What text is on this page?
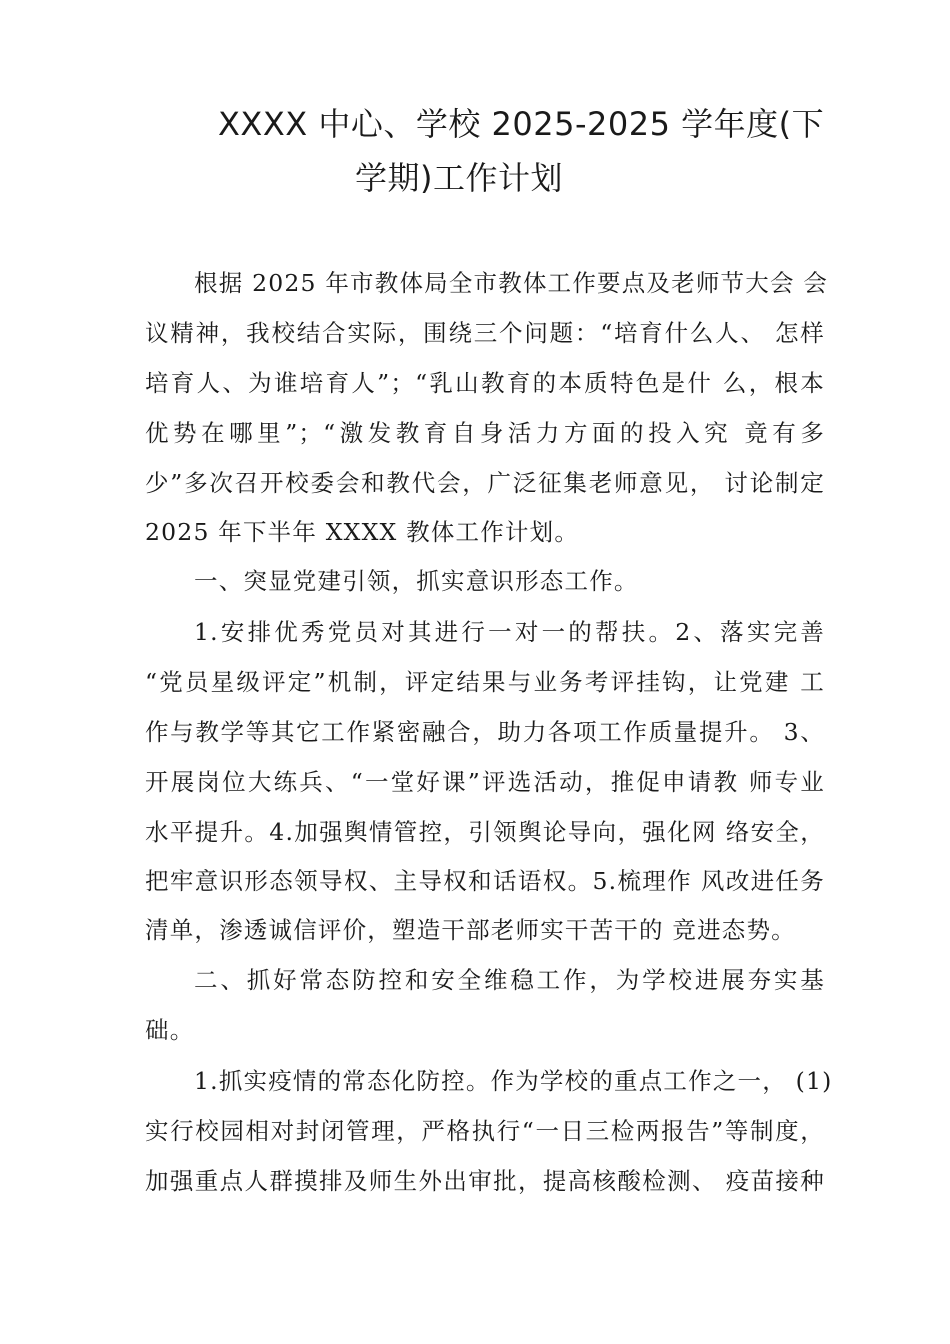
XXXX 中心、学校 2025-2025 学年度(下
学期)工作计划
根据 2025 年市教体局全市教体工作要点及老师节大会 会
议精神，我校结合实际，围绕三个问题：“培育什么人、 怎样
培育人、为谁培育人”；“乳山教育的本质特色是什 么，根本
优势在哪里”；“激发教育自身活力方面的投入究 竟有多
少”多次召开校委会和教代会，广泛征集老师意见， 讨论制定
2025 年下半年 XXXX 教体工作计划。
一、突显党建引领，抓实意识形态工作。
1.安排优秀党员对其进行一对一的帮扶。2、落实完善
“党员星级评定”机制，评定结果与业务考评挂钩，让党建 工
作与教学等其它工作紧密融合，助力各项工作质量提升。 3、
开展岗位大练兵、“一堂好课”评选活动，推促申请教 师专业
水平提升。4.加强舆情管控，引领舆论导向，强化网 络安全，
把牢意识形态领导权、主导权和话语权。5.梳理作 风改进任务
清单，渗透诚信评价，塑造干部老师实干苦干的 竞进态势。
二、抓好常态防控和安全维稳工作，为学校进展夯实基
础。
1.抓实疫情的常态化防控。作为学校的重点工作之一， (1)
实行校园相对封闭管理，严格执行“一日三检两报告”等制度，
加强重点人群摸排及师生外出审批，提高核酸检测、 疫苗接种
